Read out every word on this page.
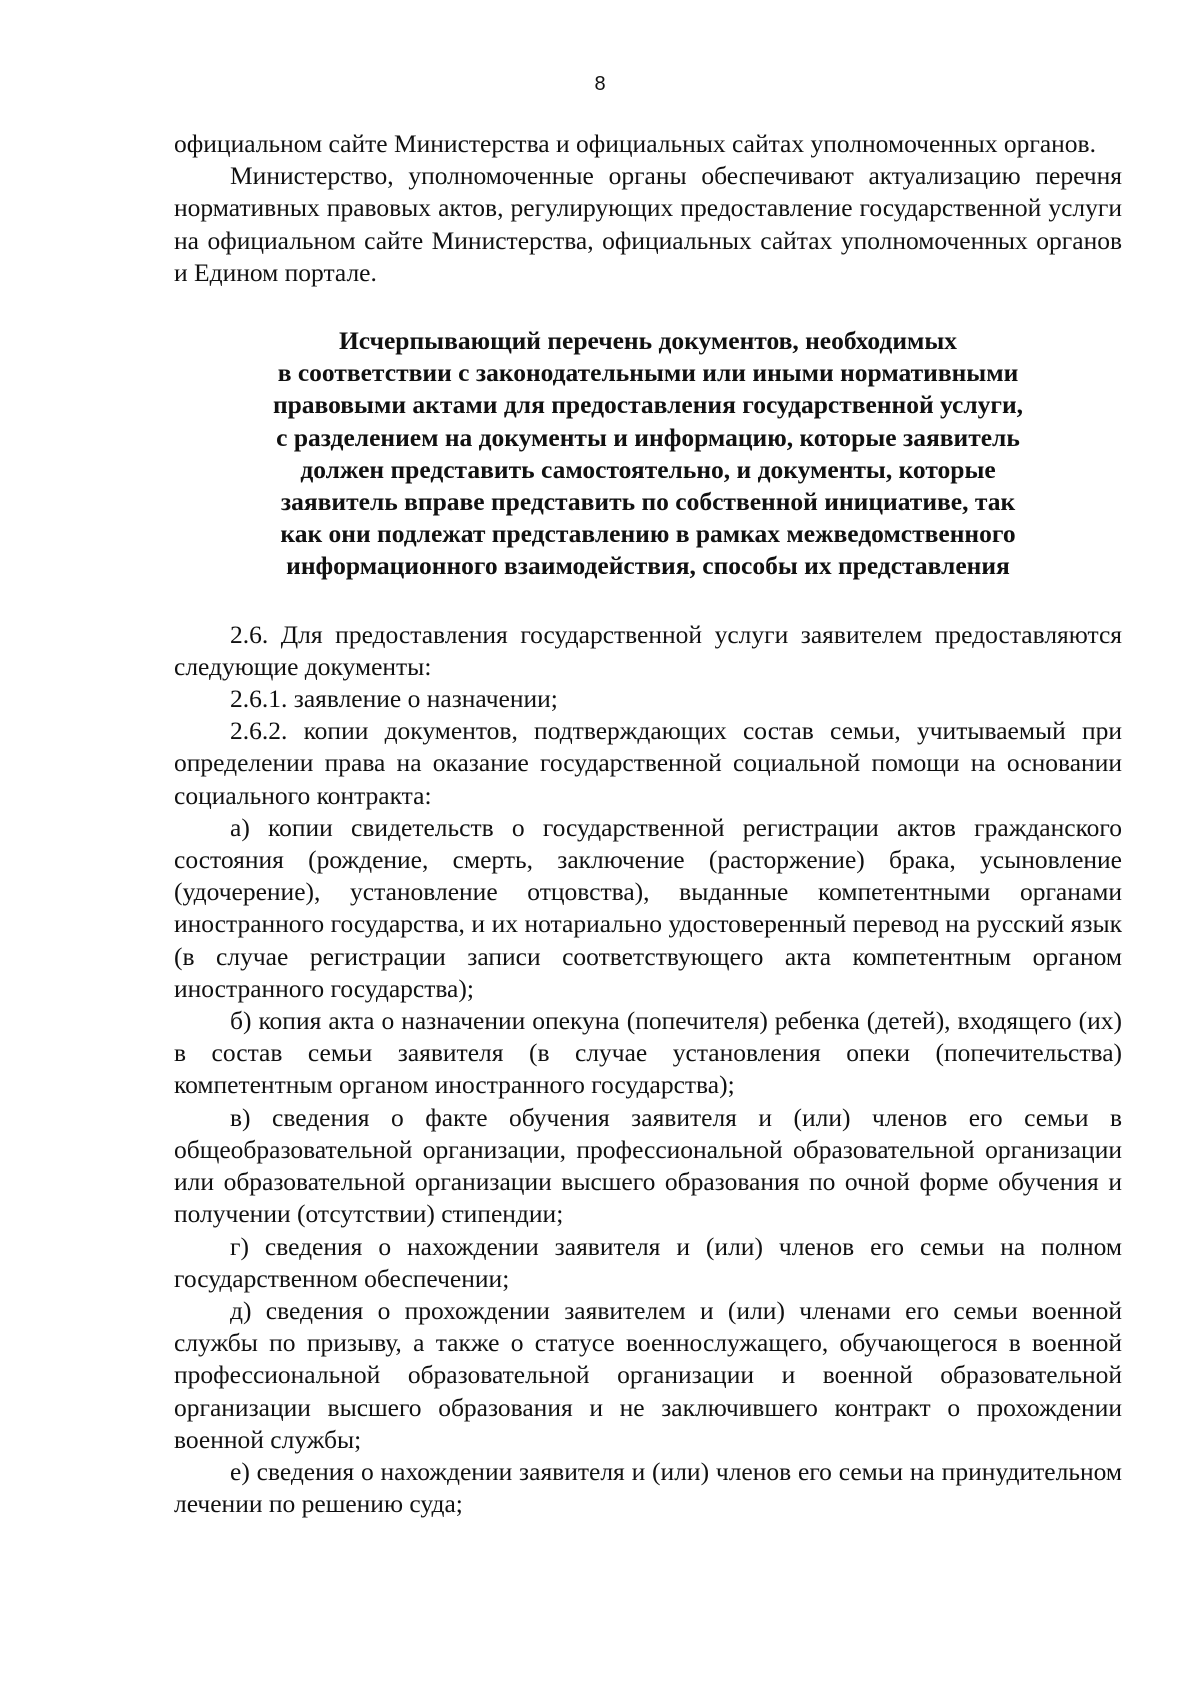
8

официальном сайте Министерства и официальных сайтах уполномоченных органов.

Министерство, уполномоченные органы обеспечивают актуализацию перечня нормативных правовых актов, регулирующих предоставление государственной услуги на официальном сайте Министерства, официальных сайтах уполномоченных органов и Едином портале.

Исчерпывающий перечень документов, необходимых
в соответствии с законодательными или иными нормативными
правовыми актами для предоставления государственной услуги,
с разделением на документы и информацию, которые заявитель
должен представить самостоятельно, и документы, которые
заявитель вправе представить по собственной инициативе, так
как они подлежат представлению в рамках межведомственного
информационного взаимодействия, способы их представления

2.6. Для предоставления государственной услуги заявителем предоставляются следующие документы:

2.6.1. заявление о назначении;

2.6.2. копии документов, подтверждающих состав семьи, учитываемый при определении права на оказание государственной социальной помощи на основании социального контракта:

а) копии свидетельств о государственной регистрации актов гражданского состояния (рождение, смерть, заключение (расторжение) брака, усыновление (удочерение), установление отцовства), выданные компетентными органами иностранного государства, и их нотариально удостоверенный перевод на русский язык (в случае регистрации записи соответствующего акта компетентным органом иностранного государства);

б) копия акта о назначении опекуна (попечителя) ребенка (детей), входящего (их) в состав семьи заявителя (в случае установления опеки (попечительства) компетентным органом иностранного государства);

в) сведения о факте обучения заявителя и (или) членов его семьи в общеобразовательной организации, профессиональной образовательной организации или образовательной организации высшего образования по очной форме обучения и получении (отсутствии) стипендии;

г) сведения о нахождении заявителя и (или) членов его семьи на полном государственном обеспечении;

д) сведения о прохождении заявителем и (или) членами его семьи военной службы по призыву, а также о статусе военнослужащего, обучающегося в военной профессиональной образовательной организации и военной образовательной организации высшего образования и не заключившего контракт о прохождении военной службы;

е) сведения о нахождении заявителя и (или) членов его семьи на принудительном лечении по решению суда;
